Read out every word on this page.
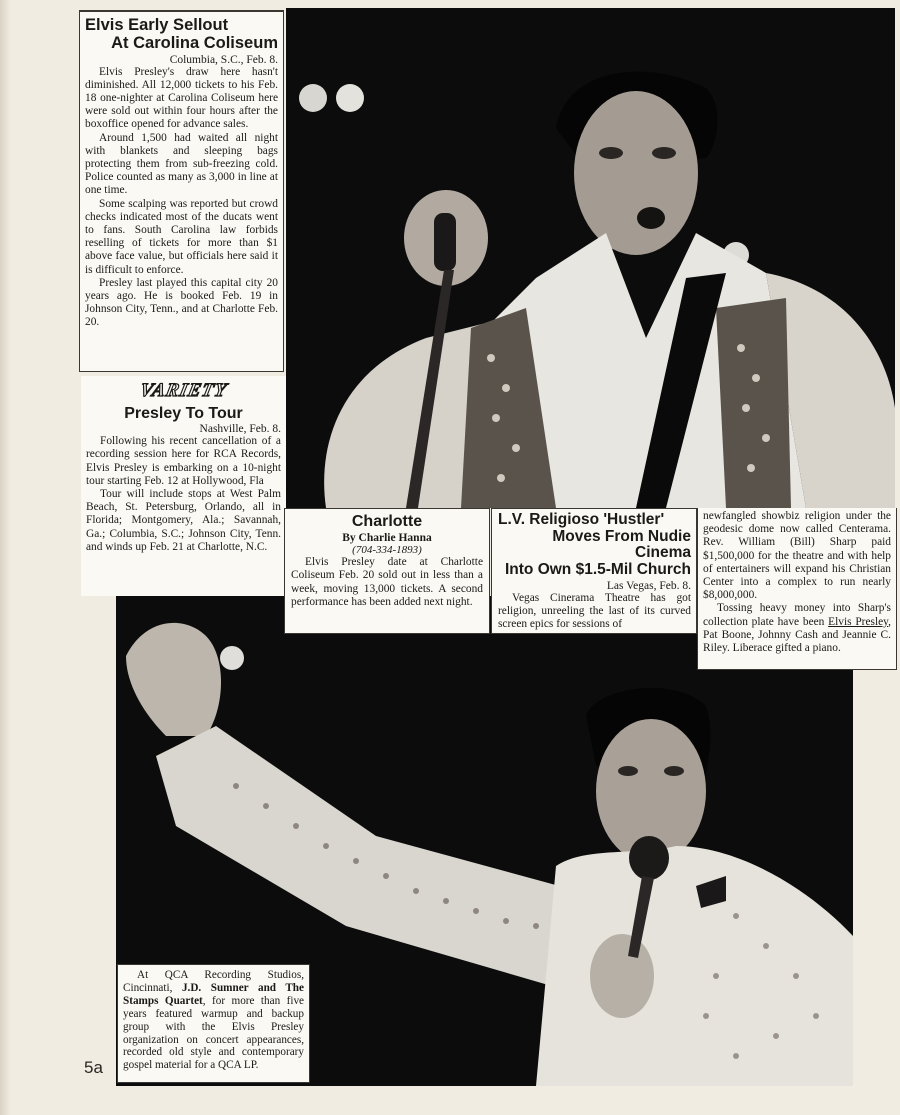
Elvis Early Sellout

At Carolina Coliseum
Columbia, S.C., Feb. 8.

Elvis Presley's draw here hasn't diminished. All 12,000 tickets to his Feb. 18 one-nighter at Carolina Coliseum here were sold out within four hours after the boxoffice opened for advance sales.

Around 1,500 had waited all night with blankets and sleeping bags protecting them from sub-freezing cold. Police counted as many as 3,000 in line at one time.

Some scalping was reported but crowd checks indicated most of the ducats went to fans. South Carolina law forbids reselling of tickets for more than $1 above face value, but officials here said it is difficult to enforce.

Presley last played this capital city 20 years ago. He is booked Feb. 19 in Johnson City, Tenn., and at Charlotte Feb. 20.

VARIETY
Presley To Tour
Nashville, Feb. 8.

Following his recent cancellation of a recording session here for RCA Records, Elvis Presley is embarking on a 10-night tour starting Feb. 12 at Hollywood, Fla

Tour will include stops at West Palm Beach, St. Petersburg, Orlando, all in Florida; Montgomery, Ala.; Savannah, Ga.; Columbia, S.C.; Johnson City, Tenn. and winds up Feb. 21 at Charlotte, N.C.

Charlotte
By Charlie Hanna
(704-334-1893)

Elvis Presley date at Charlotte Coliseum Feb. 20 sold out in less than a week, moving 13,000 tickets. A second performance has been added next night.

L.V. Religioso 'Hustler'

Moves From Nudie Cinema
Into Own $1.5-Mil Church
Las Vegas, Feb. 8.

Vegas Cinerama Theatre has got religion, unreeling the last of its curved screen epics for sessions of

newfangled showbiz religion under the geodesic dome now called Centerama. Rev. William (Bill) Sharp paid $1,500,000 for the theatre and with help of entertainers will expand his Christian Center into a complex to run nearly $8,000,000.

Tossing heavy money into Sharp's collection plate have been Elvis Presley, Pat Boone, Johnny Cash and Jeannie C. Riley. Liberace gifted a piano.

At QCA Recording Studios, Cincinnati, J.D. Sumner and The Stamps Quartet, for more than five years featured warmup and backup group with the Elvis Presley organization on concert appearances, recorded old style and contemporary gospel material for a QCA LP.

5a
